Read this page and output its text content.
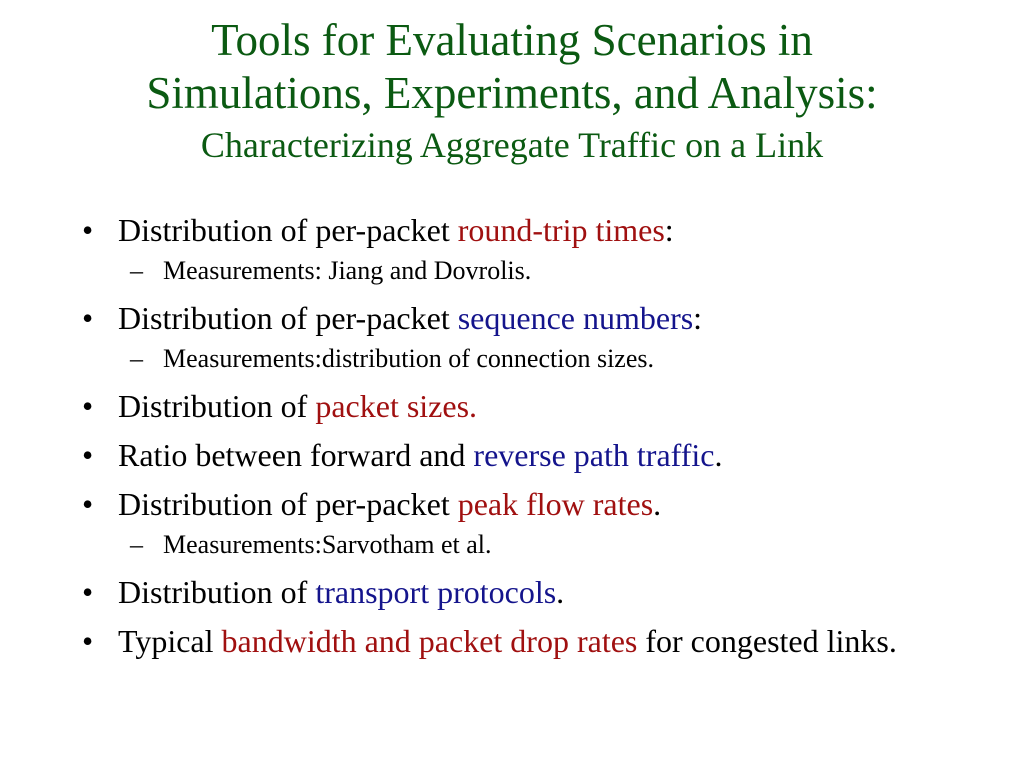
Tools for Evaluating Scenarios in
Simulations, Experiments, and Analysis:
Characterizing Aggregate Traffic on a Link
• Distribution of per-packet round-trip times:
– Measurements: Jiang and Dovrolis.
• Distribution of per-packet sequence numbers:
– Measurements:distribution of connection sizes.
• Distribution of packet sizes.
• Ratio between forward and reverse path traffic.
• Distribution of per-packet peak flow rates.
– Measurements:Sarvotham et al.
• Distribution of transport protocols.
• Typical bandwidth and packet drop rates for congested links.
